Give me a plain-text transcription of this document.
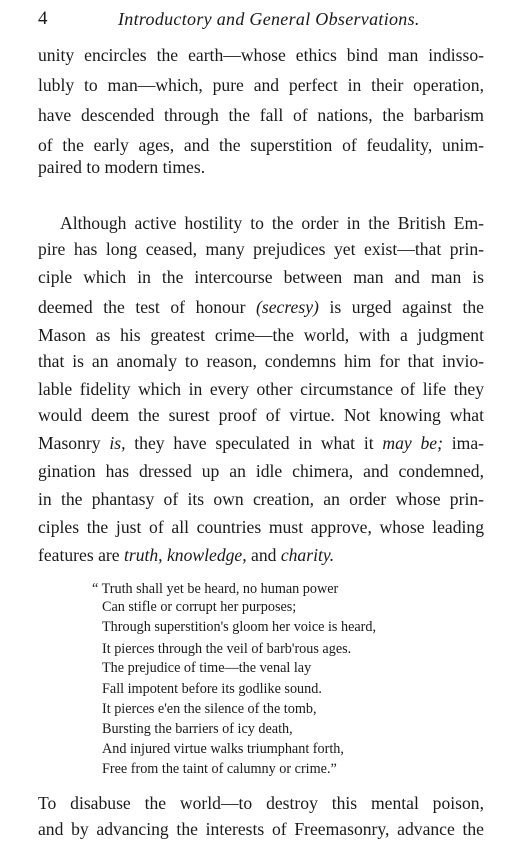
4	Introductory and General Observations.
unity encircles the earth—whose ethics bind man indisso-
lubly to man—which, pure and perfect in their operation,
have descended through the fall of nations, the barbarism
of the early ages, and the superstition of feudality, unim-
paired to modern times.
Although active hostility to the order in the British Em-
pire has long ceased, many prejudices yet exist—that prin-
ciple which in the intercourse between man and man is
deemed the test of honour (secresy) is urged against the
Mason as his greatest crime—the world, with a judgment
that is an anomaly to reason, condemns him for that invio-
lable fidelity which in every other circumstance of life they
would deem the surest proof of virtue. Not knowing what
Masonry is, they have speculated in what it may be; ima-
gination has dressed up an idle chimera, and condemned,
in the phantasy of its own creation, an order whose prin-
ciples the just of all countries must approve, whose leading
features are truth, knowledge, and charity.
“ Truth shall yet be heard, no human power
Can stifle or corrupt her purposes;
Through superstition's gloom her voice is heard,
It pierces through the veil of barb'rous ages.
The prejudice of time—the venal lay
Fall impotent before its godlike sound.
It pierces e'en the silence of the tomb,
Bursting the barriers of icy death,
And injured virtue walks triumphant forth,
Free from the taint of calumny or crime.”
To disabuse the world—to destroy this mental poison,
and by advancing the interests of Freemasonry, advance the
